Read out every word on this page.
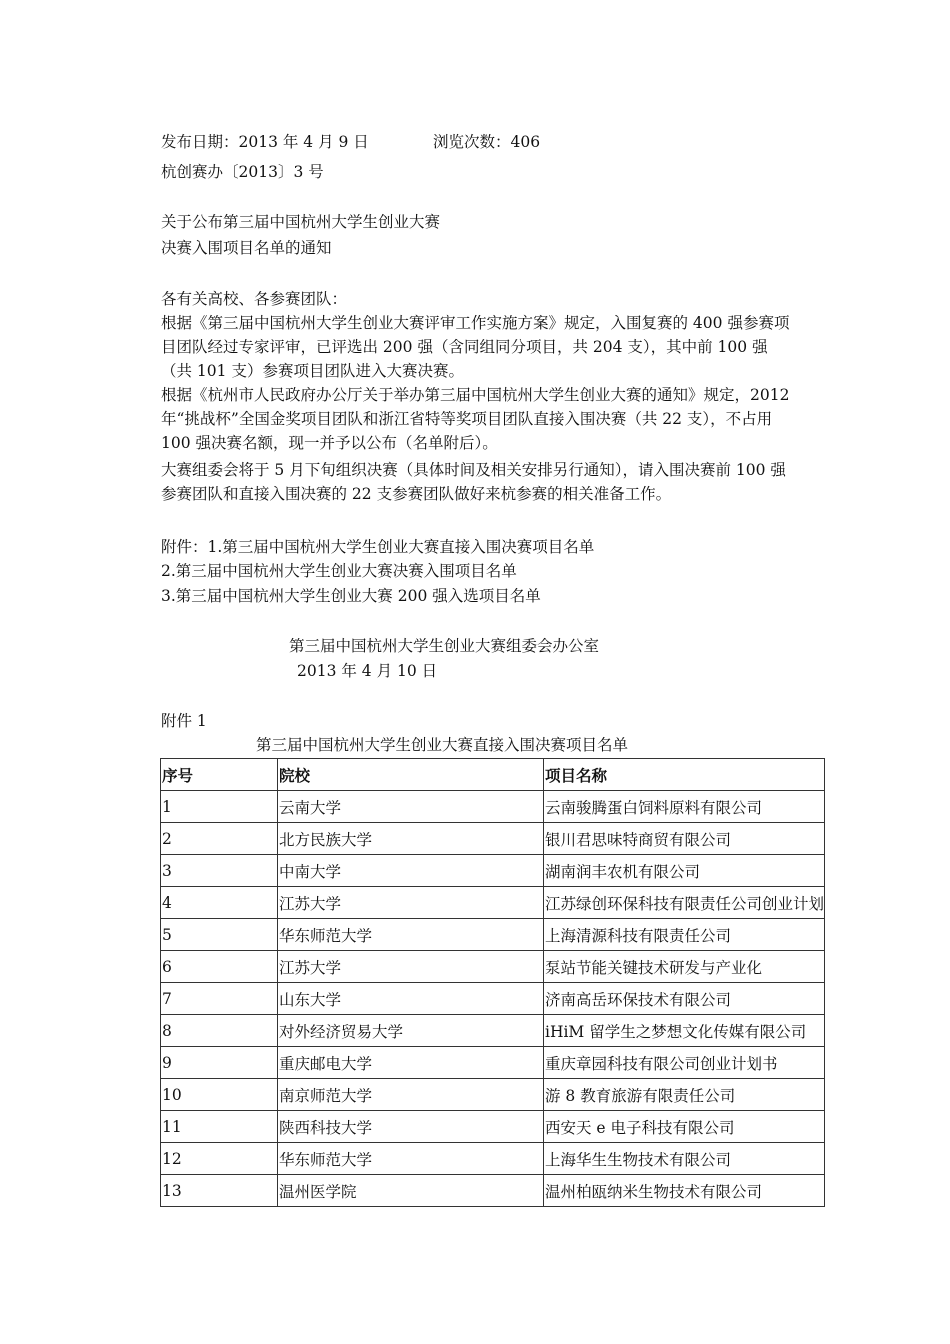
发布日期：2013 年 4 月 9 日	浏览次数：406
杭创赛办〔2013〕3 号
关于公布第三届中国杭州大学生创业大赛
决赛入围项目名单的通知
各有关高校、各参赛团队：
根据《第三届中国杭州大学生创业大赛评审工作实施方案》规定，入围复赛的 400 强参赛项目团队经过专家评审，已评选出 200 强（含同组同分项目，共 204 支），其中前 100 强（共 101 支）参赛项目团队进入大赛决赛。
根据《杭州市人民政府办公厅关于举办第三届中国杭州大学生创业大赛的通知》规定，2012 年“挑战杯”全国金奖项目团队和浙江省特等奖项目团队直接入围决赛（共 22 支），不占用 100 强决赛名额，现一并予以公布（名单附后）。
大赛组委会将于 5 月下旬组织决赛（具体时间及相关安排另行通知），请入围决赛前 100 强参赛团队和直接入围决赛的 22 支参赛团队做好来杭参赛的相关准备工作。
附件：1.第三届中国杭州大学生创业大赛直接入围决赛项目名单
2.第三届中国杭州大学生创业大赛决赛入围项目名单
3.第三届中国杭州大学生创业大赛 200 强入选项目名单
第三届中国杭州大学生创业大赛组委会办公室
2013 年 4 月 10 日
附件 1
第三届中国杭州大学生创业大赛直接入围决赛项目名单
序号	院校	项目名称
1	云南大学	云南骏腾蛋白饲料原料有限公司
2	北方民族大学	银川君思味特商贸有限公司
3	中南大学	湖南润丰农机有限公司
4	江苏大学	江苏绿创环保科技有限责任公司创业计划
5	华东师范大学	上海清源科技有限责任公司
6	江苏大学	泵站节能关键技术研发与产业化
7	山东大学	济南高岳环保技术有限公司
8	对外经济贸易大学	iHiM 留学生之梦想文化传媒有限公司
9	重庆邮电大学	重庆章园科技有限公司创业计划书
10	南京师范大学	游 8 教育旅游有限责任公司
11	陕西科技大学	西安天 e 电子科技有限公司
12	华东师范大学	上海华生生物技术有限公司
13	温州医学院	温州柏瓯纳米生物技术有限公司
